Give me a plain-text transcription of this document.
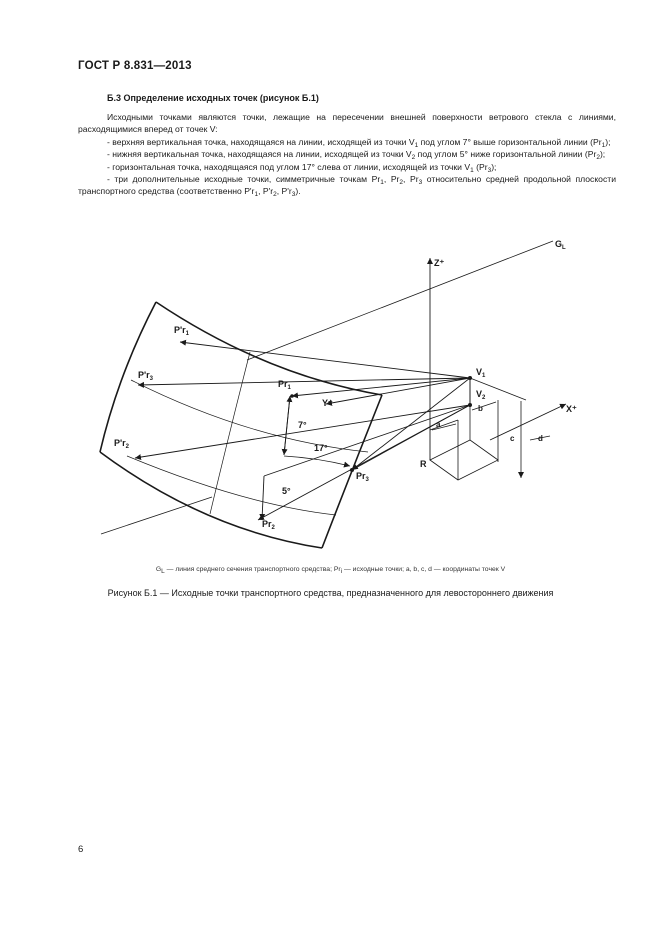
ГОСТ Р 8.831—2013
Б.3 Определение исходных точек (рисунок Б.1)

Исходными точками являются точки, лежащие на пересечении внешней поверхности ветрового стекла с линиями, расходящимися вперед от точек V:

- верхняя вертикальная точка, находящаяся на линии, исходящей из точки $V_1$ под углом 7° выше горизонтальной линии $(Pr_1)$;

- нижняя вертикальная точка, находящаяся на линии, исходящей из точки $V_2$ под углом 5° ниже горизонтальной линии $(Pr_2)$;

- горизонтальная точка, находящаяся под углом 17° слева от линии, исходящей из точки $V_1$ $(Pr_3)$;

- три дополнительные исходные точки, симметричные точкам $Pr_1$, $Pr_2$, $Pr_3$ относительно средней продольной плоскости транспортного средства (соответственно $P'r_1$, $P'r_2$, $P'r_3$).

$G_L$
Z⁺
X⁺
Y⁺
$V_1$
$V_2$
R
$P'r_1$
$P'r_3$
$P'r_2$
$Pr_1$
$Pr_2$
$Pr_3$
7°
17°
5°
a
b
c	d
$G_L$ — линия среднего сечения транспортного средства; $Pr_i$ — исходные точки; a, b, c, d — координаты точек V
Рисунок Б.1 — Исходные точки транспортного средства, предназначенного для левостороннего движения
6
